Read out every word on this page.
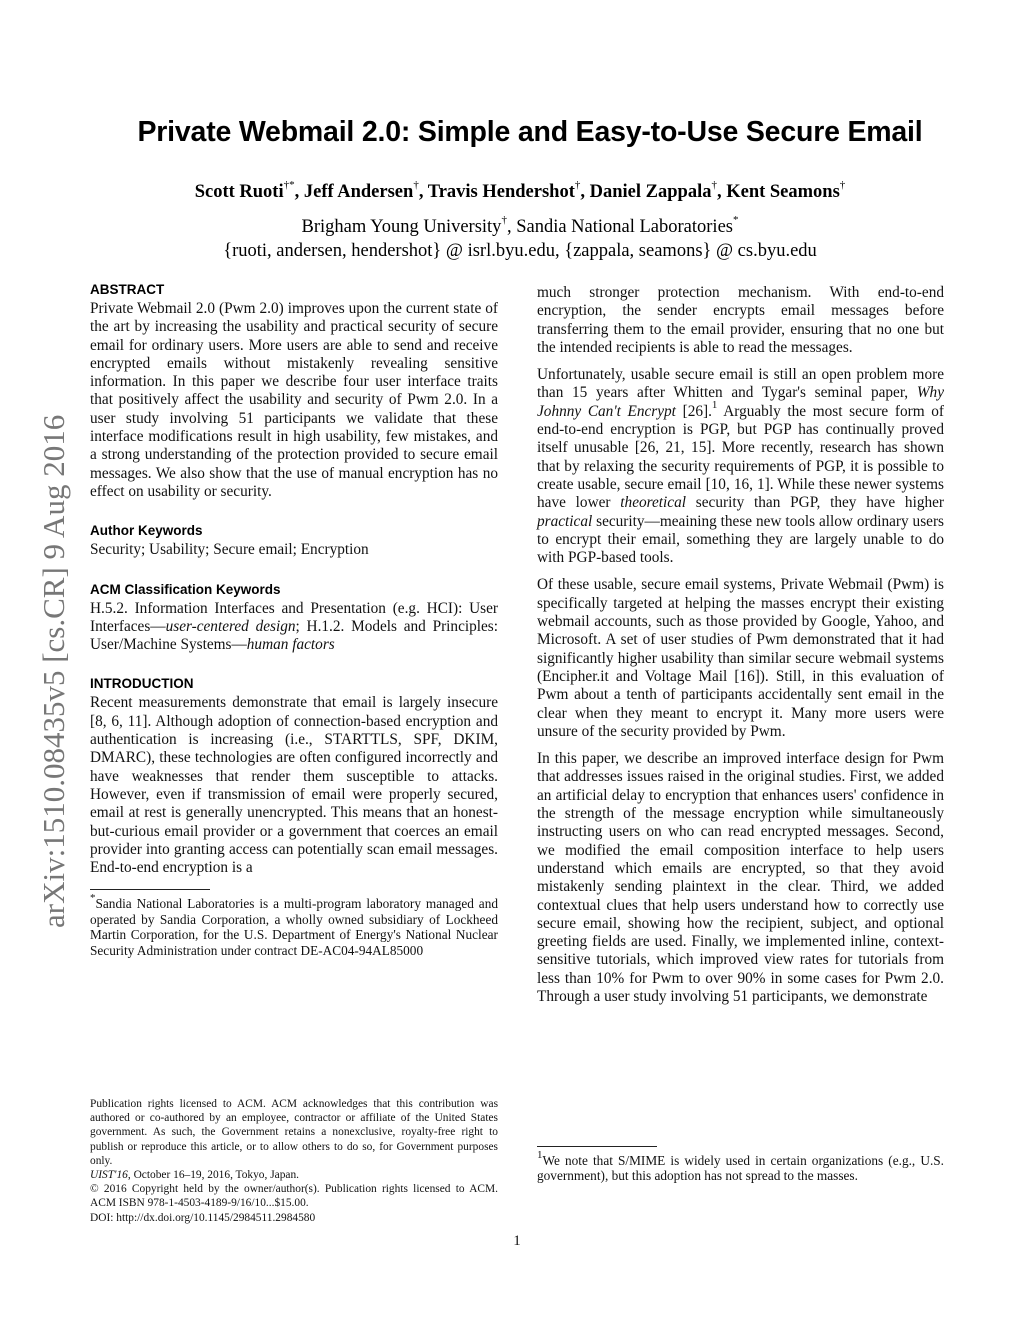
arXiv:1510.08435v5 [cs.CR] 9 Aug 2016
Private Webmail 2.0: Simple and Easy-to-Use Secure Email
Scott Ruoti†*, Jeff Andersen†, Travis Hendershot†, Daniel Zappala†, Kent Seamons†
Brigham Young University†, Sandia National Laboratories*
{ruoti, andersen, hendershot} @ isrl.byu.edu, {zappala, seamons} @ cs.byu.edu
ABSTRACT

Private Webmail 2.0 (Pwm 2.0) improves upon the current state of the art by increasing the usability and practical security of secure email for ordinary users. More users are able to send and receive encrypted emails without mistakenly revealing sensitive information. In this paper we describe four user interface traits that positively affect the usability and security of Pwm 2.0. In a user study involving 51 participants we validate that these interface modifications result in high usability, few mistakes, and a strong understanding of the protection provided to secure email messages. We also show that the use of manual encryption has no effect on usability or security.

Author Keywords

Security; Usability; Secure email; Encryption

ACM Classification Keywords

H.5.2. Information Interfaces and Presentation (e.g. HCI): User Interfaces—user-centered design; H.1.2. Models and Principles: User/Machine Systems—human factors

INTRODUCTION

Recent measurements demonstrate that email is largely insecure [8, 6, 11]. Although adoption of connection-based encryption and authentication is increasing (i.e., STARTTLS, SPF, DKIM, DMARC), these technologies are often configured incorrectly and have weaknesses that render them susceptible to attacks. However, even if transmission of email were properly secured, email at rest is generally unencrypted. This means that an honest-but-curious email provider or a government that coerces an email provider into granting access can potentially scan email messages. End-to-end encryption is a

*Sandia National Laboratories is a multi-program laboratory managed and operated by Sandia Corporation, a wholly owned subsidiary of Lockheed Martin Corporation, for the U.S. Department of Energy's National Nuclear Security Administration under contract DE-AC04-94AL85000

Publication rights licensed to ACM. ACM acknowledges that this contribution was authored or co-authored by an employee, contractor or affiliate of the United States government. As such, the Government retains a nonexclusive, royalty-free right to publish or reproduce this article, or to allow others to do so, for Government purposes only.

UIST'16, October 16–19, 2016, Tokyo, Japan.

© 2016 Copyright held by the owner/author(s). Publication rights licensed to ACM. ACM ISBN 978-1-4503-4189-9/16/10...$15.00.

DOI: http://dx.doi.org/10.1145/2984511.2984580

much stronger protection mechanism. With end-to-end encryption, the sender encrypts email messages before transferring them to the email provider, ensuring that no one but the intended recipients is able to read the messages.

Unfortunately, usable secure email is still an open problem more than 15 years after Whitten and Tygar's seminal paper, Why Johnny Can't Encrypt [26].$^1$ Arguably the most secure form of end-to-end encryption is PGP, but PGP has continually proved itself unusable [26, 21, 15]. More recently, research has shown that by relaxing the security requirements of PGP, it is possible to create usable, secure email [10, 16, 1]. While these newer systems have lower theoretical security than PGP, they have higher practical security—meaining these new tools allow ordinary users to encrypt their email, something they are largely unable to do with PGP-based tools.

Of these usable, secure email systems, Private Webmail (Pwm) is specifically targeted at helping the masses encrypt their existing webmail accounts, such as those provided by Google, Yahoo, and Microsoft. A set of user studies of Pwm demonstrated that it had significantly higher usability than similar secure webmail systems (Encipher.it and Voltage Mail [16]). Still, in this evaluation of Pwm about a tenth of participants accidentally sent email in the clear when they meant to encrypt it. Many more users were unsure of the security provided by Pwm.

In this paper, we describe an improved interface design for Pwm that addresses issues raised in the original studies. First, we added an artificial delay to encryption that enhances users' confidence in the strength of the message encryption while simultaneously instructing users on who can read encrypted messages. Second, we modified the email composition interface to help users understand which emails are encrypted, so that they avoid mistakenly sending plaintext in the clear. Third, we added contextual clues that help users understand how to correctly use secure email, showing how the recipient, subject, and optional greeting fields are used. Finally, we implemented inline, context-sensitive tutorials, which improved view rates for tutorials from less than 10% for Pwm to over 90% in some cases for Pwm 2.0. Through a user study involving 51 participants, we demonstrate

$^1$We note that S/MIME is widely used in certain organizations (e.g., U.S. government), but this adoption has not spread to the masses.

1
